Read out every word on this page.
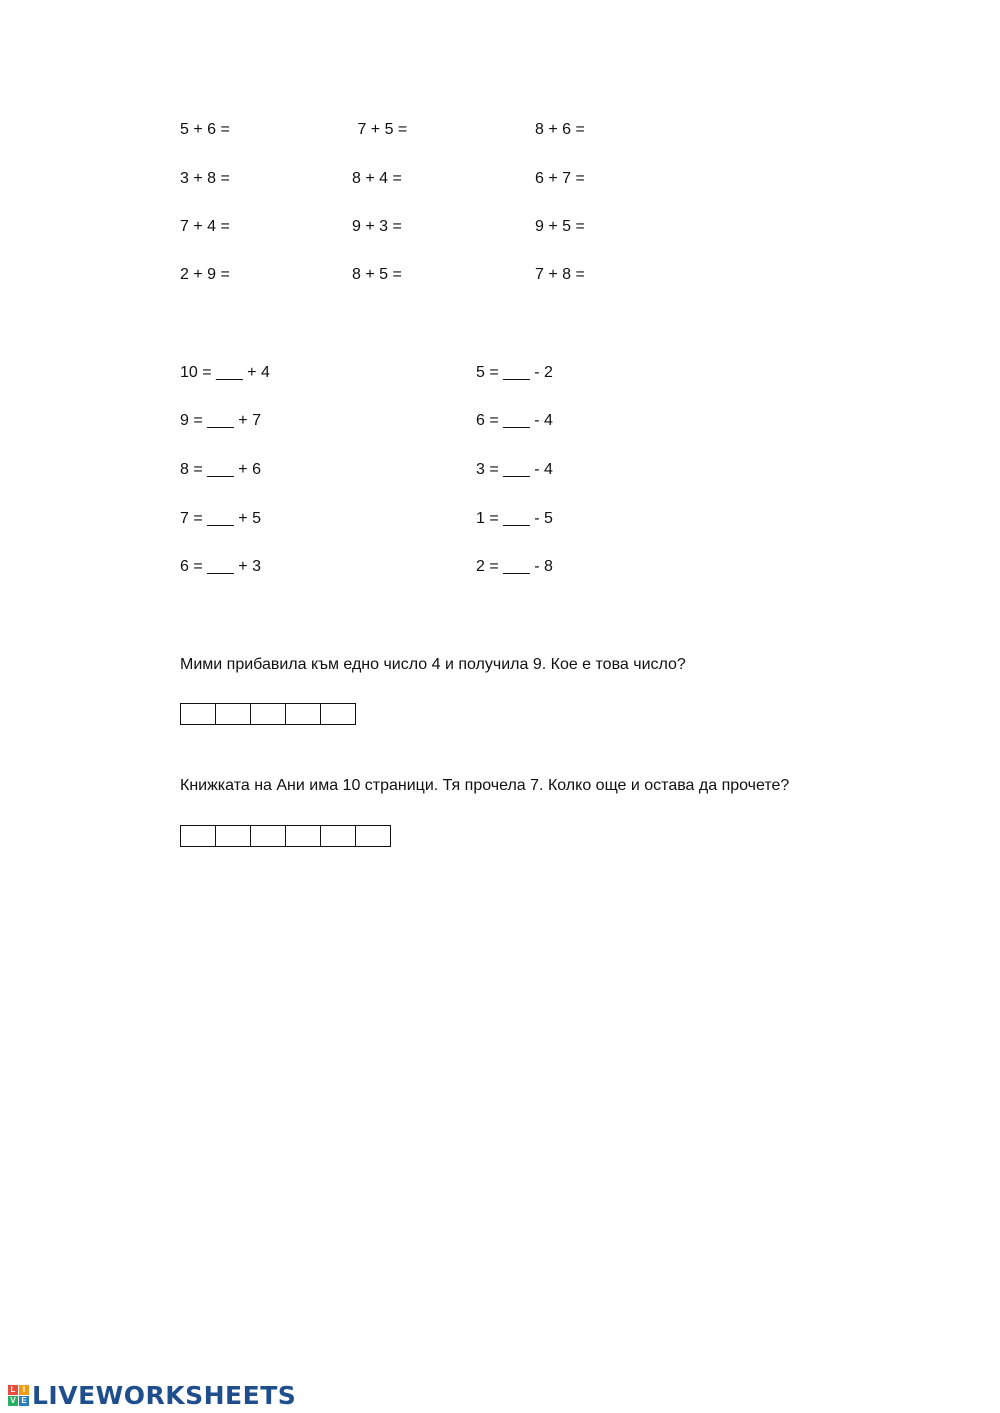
5 + 6 =	7 + 5 =	8 + 6 =
3 + 8 =	8 + 4 =	6 + 7 =
7 + 4 =	9 + 3 =	9 + 5 =
2 + 9 =	8 + 5 =	7 + 8 =
10 = ___ + 4	5 = ___ - 2
9 = ___ + 7	6 = ___ - 4
8 = ___ + 6	3 = ___ - 4
7 = ___ + 5	1 = ___ - 5
6 = ___ + 3	2 = ___ - 8
Мими прибавила към едно число 4 и получила 9. Кое е това число?
Книжката на Ани има 10 страници. Тя прочела 7. Колко още и остава да прочете?
L I
V E LIVEWORKSHEETS
